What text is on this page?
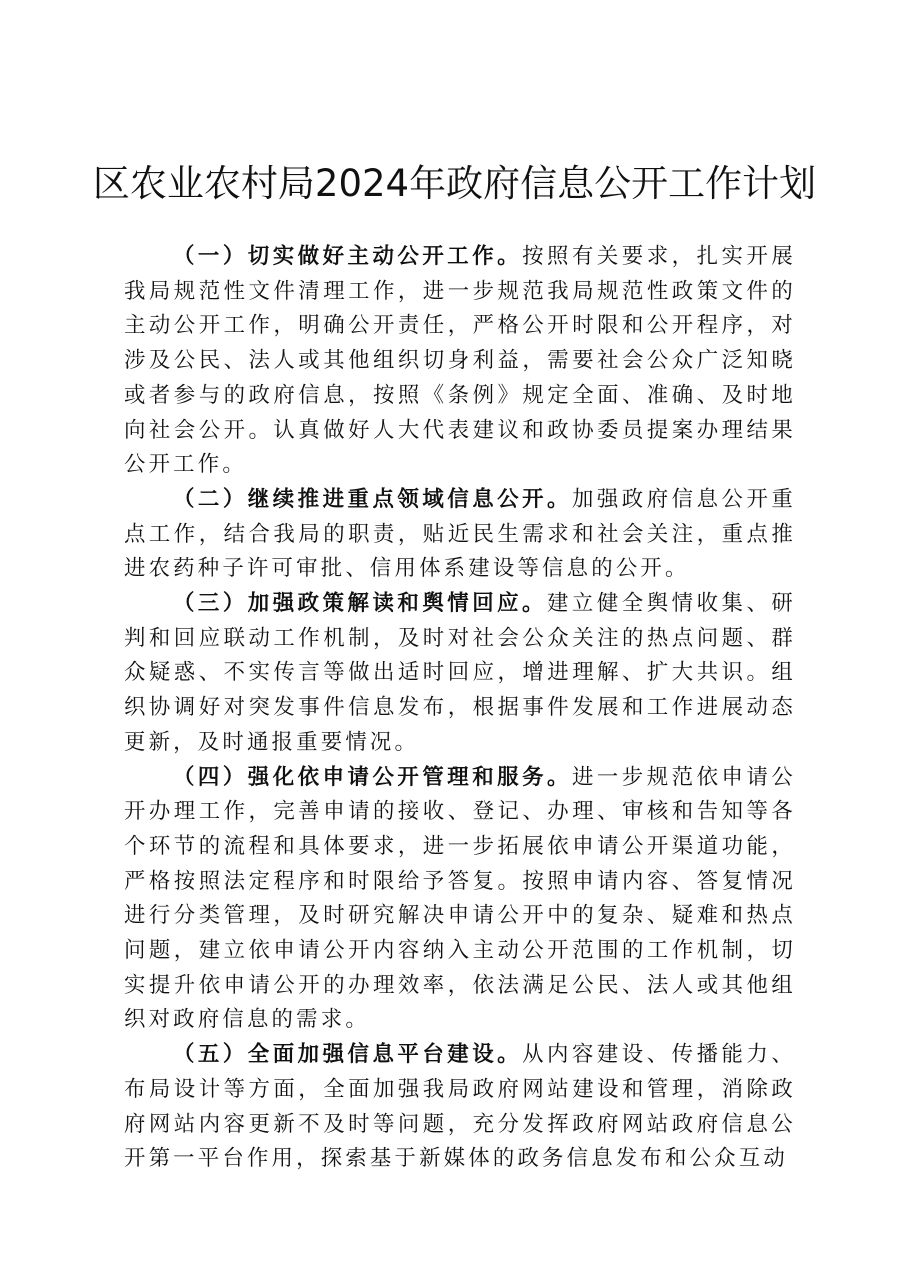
区农业农村局2024年政府信息公开工作计划

（一）切实做好主动公开工作。按照有关要求，扎实开展我局规范性文件清理工作，进一步规范我局规范性政策文件的主动公开工作，明确公开责任，严格公开时限和公开程序，对涉及公民、法人或其他组织切身利益，需要社会公众广泛知晓或者参与的政府信息，按照《条例》规定全面、准确、及时地向社会公开。认真做好人大代表建议和政协委员提案办理结果公开工作。

（二）继续推进重点领域信息公开。加强政府信息公开重点工作，结合我局的职责，贴近民生需求和社会关注，重点推进农药种子许可审批、信用体系建设等信息的公开。

（三）加强政策解读和舆情回应。建立健全舆情收集、研判和回应联动工作机制，及时对社会公众关注的热点问题、群众疑惑、不实传言等做出适时回应，增进理解、扩大共识。组织协调好对突发事件信息发布，根据事件发展和工作进展动态更新，及时通报重要情况。

（四）强化依申请公开管理和服务。进一步规范依申请公开办理工作，完善申请的接收、登记、办理、审核和告知等各个环节的流程和具体要求，进一步拓展依申请公开渠道功能，严格按照法定程序和时限给予答复。按照申请内容、答复情况进行分类管理，及时研究解决申请公开中的复杂、疑难和热点问题，建立依申请公开内容纳入主动公开范围的工作机制，切实提升依申请公开的办理效率，依法满足公民、法人或其他组织对政府信息的需求。

（五）全面加强信息平台建设。从内容建设、传播能力、布局设计等方面，全面加强我局政府网站建设和管理，消除政府网站内容更新不及时等问题，充分发挥政府网站政府信息公开第一平台作用，探索基于新媒体的政务信息发布和公众互动
